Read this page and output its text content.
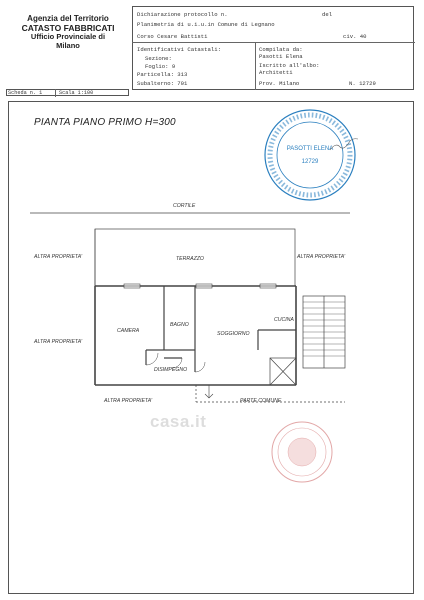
Agenzia del Territorio
CATASTO FABBRICATI
Ufficio Provinciale di
Milano
Dichiarazione protocollo n.	del
Planimetria di u.i.u.in Comune di Legnano
Corso Cesare Battisti	civ. 40
Identificativi Catastali:
Sezione:
Foglio: 9
Particella: 313
Subalterno: 701
Compilata da:
Pasotti Elena
Iscritto all'albo:
Architetti
Prov. Milano	N. 12729
Scheda n. 1	Scala 1:100
PIANTA PIANO PRIMO H=300
PASOTTI ELENA
12729
CORTILE
ALTRA PROPRIETA'	TERRAZZO	ALTRA PROPRIETA'
CAMERA
BAGNO
SOGGIORNO
CUCINA
ALTRA PROPRIETA'
DISIMPEGNO
ALTRA PROPRIETA'	PARTE COMUNE
casa.it
